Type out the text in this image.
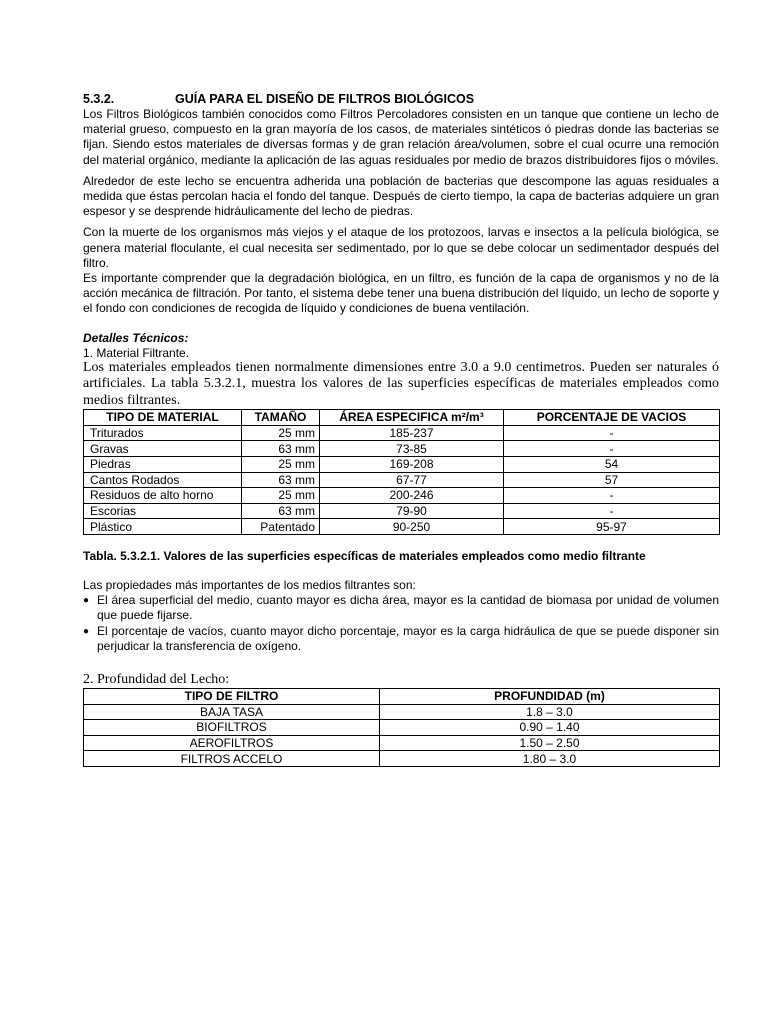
5.3.2.	GUÍA PARA EL DISEÑO DE FILTROS BIOLÓGICOS

Los Filtros Biológicos también conocidos como Filtros Percoladores consisten en un tanque que contiene un lecho de material grueso, compuesto en la gran mayoría de los casos, de materiales sintéticos ó piedras donde las bacterias se fijan. Siendo estos materiales de diversas formas y de gran relación área/volumen, sobre el cual ocurre una remoción del material orgánico, mediante la aplicación de las aguas residuales por medio de brazos distribuidores fijos o móviles.

Alrededor de este lecho se encuentra adherida una población de bacterias que descompone las aguas residuales a medida que éstas percolan hacia el fondo del tanque. Después de cierto tiempo, la capa de bacterias adquiere un gran espesor y se desprende hidráulicamente del lecho de piedras.

Con la muerte de los organismos más viejos y el ataque de los protozoos, larvas e insectos a la película biológica, se genera material floculante, el cual necesita ser sedimentado, por lo que se debe colocar un sedimentador después del filtro.

Es importante comprender que la degradación biológica, en un filtro, es función de la capa de organismos y no de la acción mecánica de filtración. Por tanto, el sistema debe tener una buena distribución del líquido, un lecho de soporte y el fondo con condiciones de recogida de líquido y condiciones de buena ventilación.

Detalles Técnicos:
1. Material Filtrante.

Los materiales empleados tienen normalmente dimensiones entre 3.0 a 9.0 centimetros. Pueden ser naturales ó artificiales. La tabla 5.3.2.1, muestra los valores de las superficies específicas de materiales empleados como medios filtrantes.

TIPO DE MATERIAL	TAMAÑO	ÁREA ESPECIFICA m²/m³	PORCENTAJE DE VACIOS
Triturados	25 mm	185-237	-
Gravas	63 mm	73-85	-
Piedras	25 mm	169-208	54
Cantos Rodados	63 mm	67-77	57
Residuos de alto horno	25 mm	200-246	-
Escorias	63 mm	79-90	-
Plástico	Patentado	90-250	95-97
Tabla. 5.3.2.1. Valores de las superficies específicas de materiales empleados como medio filtrante
Las propiedades más importantes de los medios filtrantes son:
● El área superficial del medio, cuanto mayor es dicha área, mayor es la cantidad de biomasa por unidad de volumen que puede fijarse.
● El porcentaje de vacíos, cuanto mayor dicho porcentaje, mayor es la carga hidráulica de que se puede disponer sin perjudicar la transferencia de oxígeno.
2. Profundidad del Lecho:
TIPO DE FILTRO	PROFUNDIDAD (m)
BAJA TASA	1.8 – 3.0
BIOFILTROS	0.90 – 1.40
AEROFILTROS	1.50 – 2.50
FILTROS ACCELO	1.80 – 3.0
